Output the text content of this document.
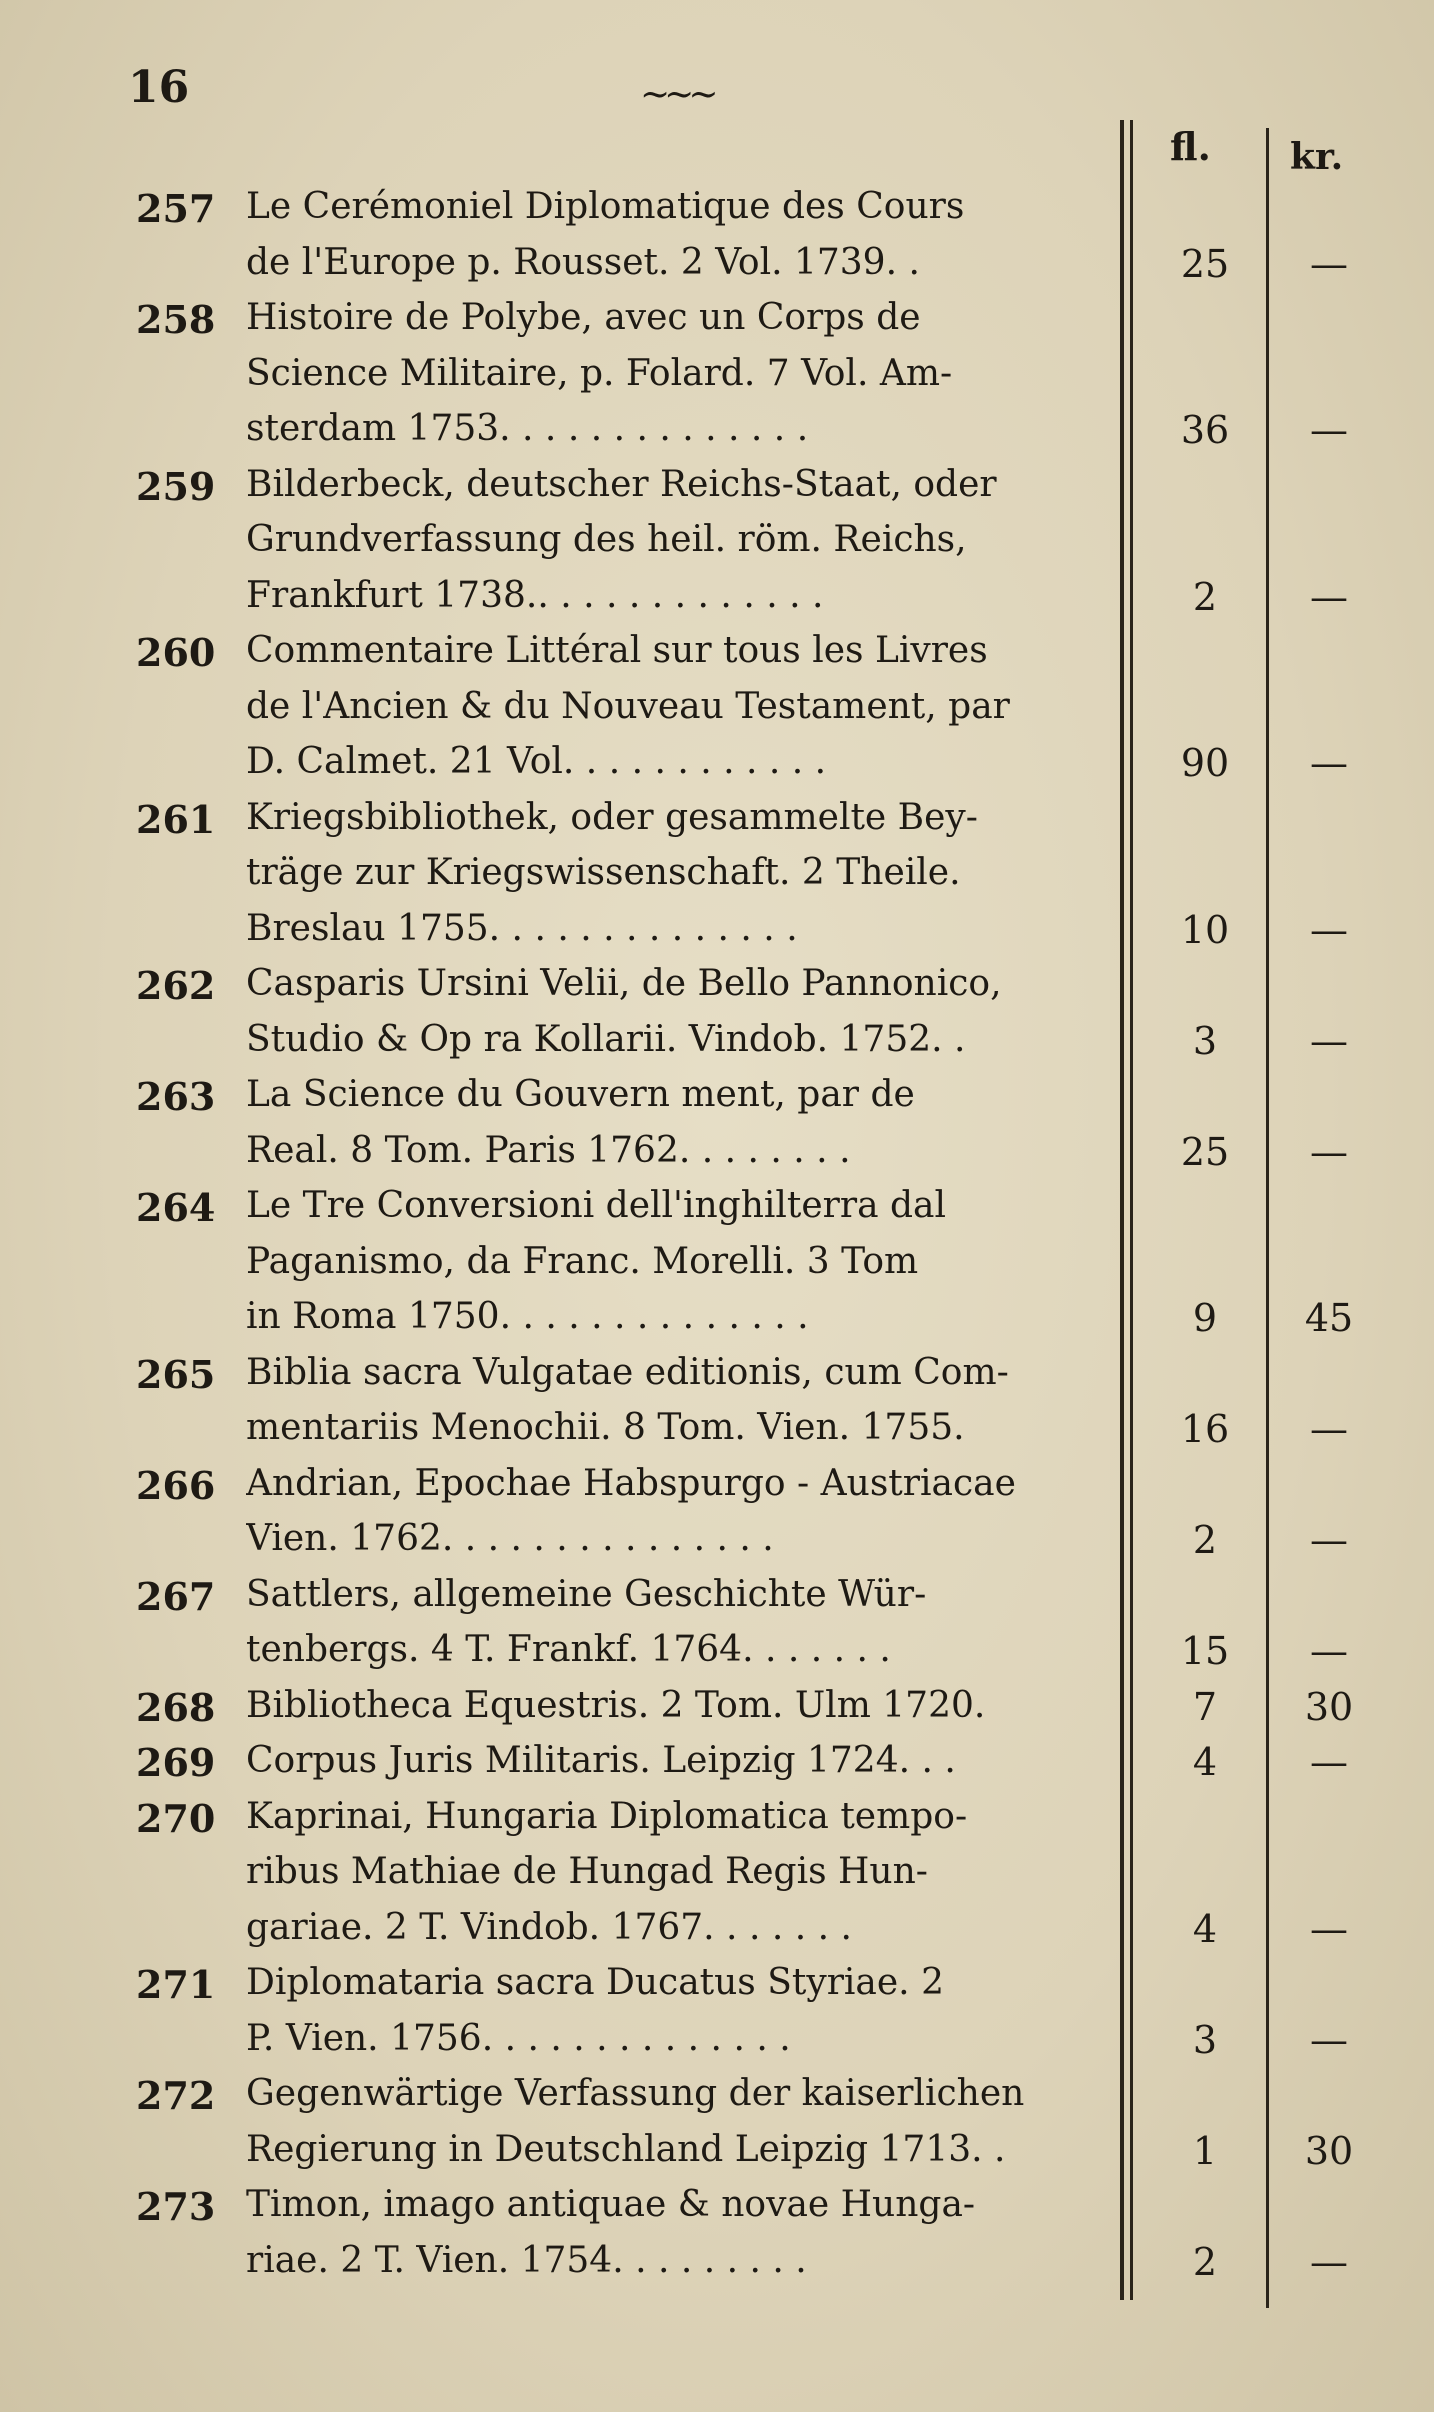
16	~~~
fl. kr.
257 Le Cerémoniel Diplomatique des Cours
de l'Europe p. Rousset. 2 Vol. 1739. .	25	—
258 Histoire de Polybe, avec un Corps de
Science Militaire, p. Folard. 7 Vol. Am-
sterdam 1753. . . . . . . . . . . . . .	36	—
259 Bilderbeck, deutscher Reichs-Staat, oder
Grundverfassung des heil. röm. Reichs,
Frankfurt 1738.. . . . . . . . . . . . .	2	—
260 Commentaire Littéral sur tous les Livres
de l'Ancien & du Nouveau Testament, par
D. Calmet. 21 Vol. . . . . . . . . . . .	90	—
261 Kriegsbibliothek, oder gesammelte Bey-
träge zur Kriegswissenschaft. 2 Theile.
Breslau 1755. . . . . . . . . . . . . .	10	—
262 Casparis Ursini Velii, de Bello Pannonico,
Studio & Op ra Kollarii. Vindob. 1752. .	3	—
263 La Science du Gouvern ment, par de
Real. 8 Tom. Paris 1762. . . . . . . .	25	—
264 Le Tre Conversioni dell'inghilterra dal
Paganismo, da Franc. Morelli. 3 Tom
in Roma 1750. . . . . . . . . . . . . .	9	45
265 Biblia sacra Vulgatae editionis, cum Com-
mentariis Menochii. 8 Tom. Vien. 1755.	16	—
266 Andrian, Epochae Habspurgo - Austriacae
Vien. 1762. . . . . . . . . . . . . . .	2	—
267 Sattlers, allgemeine Geschichte Wür-
tenbergs. 4 T. Frankf. 1764. . . . . . .	15	—
268 Bibliotheca Equestris. 2 Tom. Ulm 1720.	7	30
269 Corpus Juris Militaris. Leipzig 1724. . .	4	—
270 Kaprinai, Hungaria Diplomatica tempo-
ribus Mathiae de Hungad Regis Hun-
gariae. 2 T. Vindob. 1767. . . . . . .	4	—
271 Diplomataria sacra Ducatus Styriae. 2
P. Vien. 1756. . . . . . . . . . . . . .	3	—
272 Gegenwärtige Verfassung der kaiserlichen
Regierung in Deutschland Leipzig 1713. .	1	30
273 Timon, imago antiquae & novae Hunga-
riae. 2 T. Vien. 1754. . . . . . . . .	2	—
